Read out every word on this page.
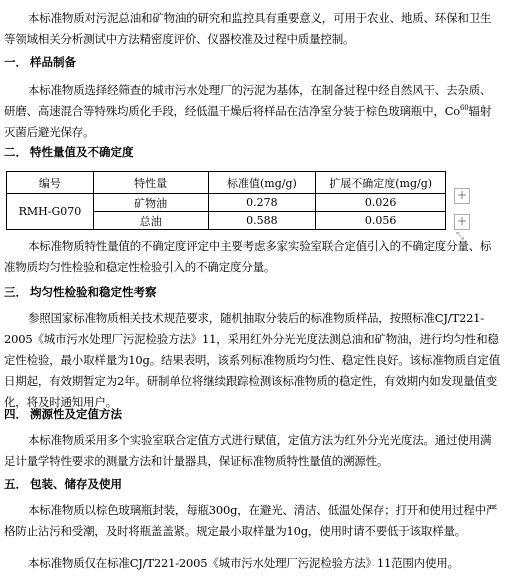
本标准物质对污泥总油和矿物油的研究和监控具有重要意义，可用于农业、地质、环保和卫生等领域相关分析测试中方法精密度评价、仪器校准及过程中质量控制。
一． 样品制备
本标准物质选择经筛查的城市污水处理厂的污泥为基体，在制备过程中经自然风干、去杂质、研磨、高速混合等特殊均质化手段，经低温干燥后将样品在洁净室分装于棕色玻璃瓶中，Co$^{60}$辐射灭菌后避光保存。
二． 特性量值及不确定度
编号	特性量	标准值(mg/g)	扩展不确定度(mg/g)
RMH-G070	矿物油	0.278	0.026
	总油	0.588	0.056
+
+
⤡
本标准物质特性量值的不确定度评定中主要考虑多家实验室联合定值引入的不确定度分量、标准物质均匀性检验和稳定性检验引入的不确定度分量。
三． 均匀性检验和稳定性考察
参照国家标准物质相关技术规范要求，随机抽取分装后的标准物质样品，按照标准CJ/T221-2005《城市污水处理厂污泥检验方法》11，采用红外分光光度法测总油和矿物油，进行均匀性和稳定性检验，最小取样量为10g。结果表明，该系列标准物质均匀性、稳定性良好。该标准物质自定值日期起，有效期暂定为2年。研制单位将继续跟踪检测该标准物质的稳定性，有效期内如发现量值变化，将及时通知用户。
四． 溯源性及定值方法
本标准物质采用多个实验室联合定值方式进行赋值，定值方法为红外分光光度法。通过使用满足计量学特性要求的测量方法和计量器具，保证标准物质特性量值的溯源性。
五． 包装、储存及使用
本标准物质以棕色玻璃瓶封装，每瓶300g，在避光、清洁、低温处保存；打开和使用过程中严格防止沾污和受潮，及时将瓶盖盖紧。规定最小取样量为10g，使用时请不要低于该取样量。
本标准物质仅在标准CJ/T221-2005《城市污水处理厂污泥检验方法》11范围内使用。
